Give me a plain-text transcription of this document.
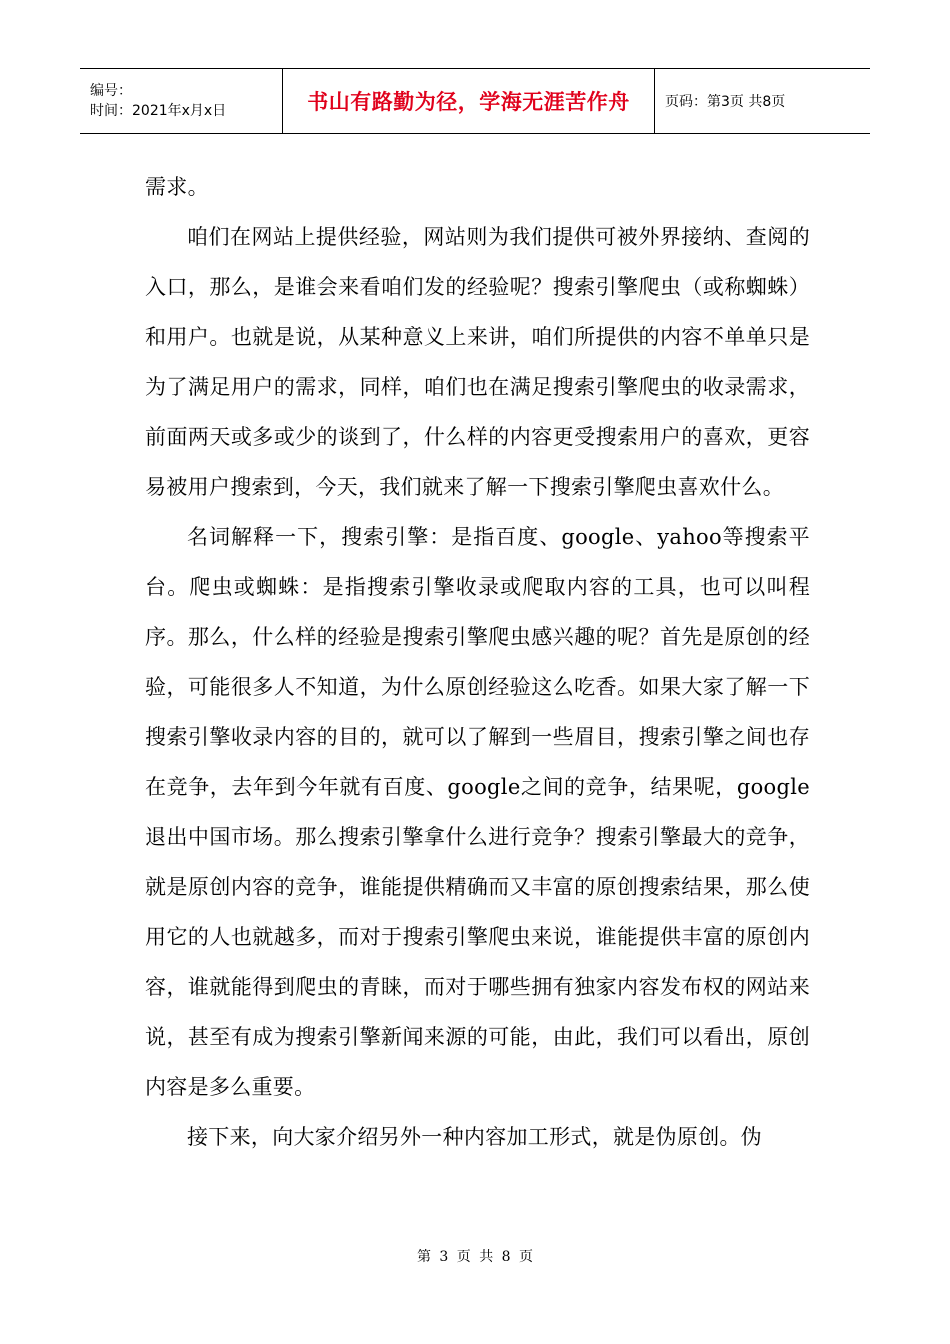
编号：
时间：2021年x月x日	书山有路勤为径，学海无涯苦作舟	页码：第3页 共8页

需求。

咱们在网站上提供经验，网站则为我们提供可被外界接纳、查阅的入口，那么，是谁会来看咱们发的经验呢？搜索引擎爬虫（或称蜘蛛）和用户。也就是说，从某种意义上来讲，咱们所提供的内容不单单只是为了满足用户的需求，同样，咱们也在满足搜索引擎爬虫的收录需求，前面两天或多或少的谈到了，什么样的内容更受搜索用户的喜欢，更容易被用户搜索到，今天，我们就来了解一下搜索引擎爬虫喜欢什么。

名词解释一下，搜索引擎：是指百度、google、yahoo等搜索平台。爬虫或蜘蛛：是指搜索引擎收录或爬取内容的工具，也可以叫程序。那么，什么样的经验是搜索引擎爬虫感兴趣的呢？首先是原创的经验，可能很多人不知道，为什么原创经验这么吃香。如果大家了解一下搜索引擎收录内容的目的，就可以了解到一些眉目，搜索引擎之间也存在竞争，去年到今年就有百度、google之间的竞争，结果呢，google退出中国市场。那么搜索引擎拿什么进行竞争？搜索引擎最大的竞争，就是原创内容的竞争，谁能提供精确而又丰富的原创搜索结果，那么使用它的人也就越多，而对于搜索引擎爬虫来说，谁能提供丰富的原创内容，谁就能得到爬虫的青睐，而对于哪些拥有独家内容发布权的网站来说，甚至有成为搜索引擎新闻来源的可能，由此，我们可以看出，原创内容是多么重要。

接下来，向大家介绍另外一种内容加工形式，就是伪原创。伪

第 3 页 共 8 页
